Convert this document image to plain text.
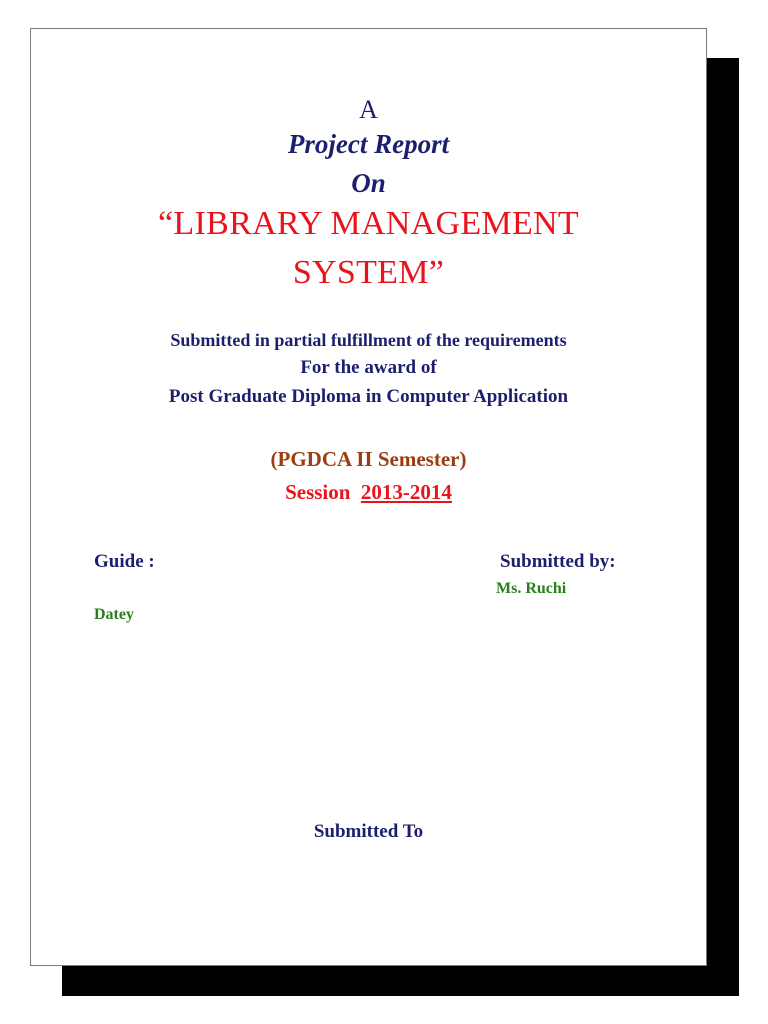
A
Project Report
On
“LIBRARY MANAGEMENT
SYSTEM”
Submitted in partial fulfillment of the requirements
For the award of
Post Graduate Diploma in Computer Application
(PGDCA II Semester)
Session 2013-2014
Guide :	Submitted by:
Ms. Ruchi
Datey
Submitted To
